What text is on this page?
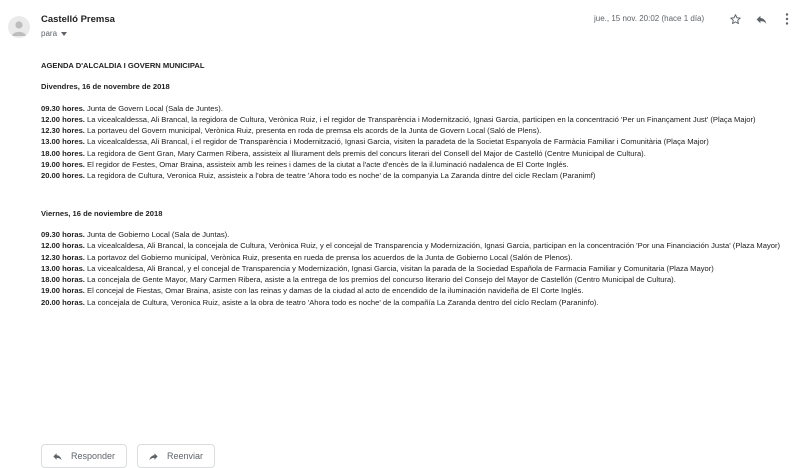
Castelló Premsa
para
jue., 15 nov. 20:02 (hace 1 día)

AGENDA D'ALCALDIA I GOVERN MUNICIPAL

Divendres, 16 de novembre de 2018

09.30 hores. Junta de Govern Local (Sala de Juntes).

12.00 hores. La vicealcaldessa, Ali Brancal, la regidora de Cultura, Verònica Ruiz, i el regidor de Transparència i Modernització, Ignasi Garcia, participen en la concentració 'Per un Finançament Just' (Plaça Major)

12.30 hores. La portaveu del Govern municipal, Verònica Ruiz, presenta en roda de premsa els acords de la Junta de Govern Local (Saló de Plens).

13.00 hores. La vicealcaldessa, Ali Brancal, i el regidor de Transparència i Modernització, Ignasi Garcia, visiten la paradeta de la Societat Espanyola de Farmàcia Familiar i Comunitària (Plaça Major)

18.00 hores. La regidora de Gent Gran, Mary Carmen Ribera, assisteix al lliurament dels premis del concurs literari del Consell del Major de Castelló (Centre Municipal de Cultura).

19.00 hores. El regidor de Festes, Omar Braina, assisteix amb les reines i dames de la ciutat a l'acte d'encès de la il.luminació nadalenca de El Corte Inglés.

20.00 hores. La regidora de Cultura, Veronica Ruiz, assisteix a l'obra de teatre 'Ahora todo es noche' de la companyia La Zaranda dintre del cicle Reclam (Paranimf)

Viernes, 16 de noviembre de 2018

09.30 horas. Junta de Gobierno Local (Sala de Juntas).

12.00 horas. La vicealcaldesa, Ali Brancal, la concejala de Cultura, Verònica Ruiz, y el concejal de Transparencia y Modernización, Ignasi Garcia, participan en la concentración 'Por una Financiación Justa' (Plaza Mayor)

12.30 horas. La portavoz del Gobierno municipal, Verònica Ruiz, presenta en rueda de prensa los acuerdos de la Junta de Gobierno Local (Salón de Plenos).

13.00 horas. La vicealcaldesa, Ali Brancal, y el concejal de Transparencia y Modernización, Ignasi Garcia, visitan la parada de la Sociedad Española de Farmacia Familiar y Comunitaria (Plaza Mayor)

18.00 horas. La concejala de Gente Mayor, Mary Carmen Ribera, asiste a la entrega de los premios del concurso literario del Consejo del Mayor de Castellón (Centro Municipal de Cultura).

19.00 horas. El concejal de Fiestas, Omar Braina, asiste con las reinas y damas de la ciudad al acto de encendido de la iluminación navideña de El Corte Inglés.

20.00 horas. La concejala de Cultura, Veronica Ruiz, asiste a la obra de teatro 'Ahora todo es noche' de la compañía La Zaranda dentro del ciclo Reclam (Paraninfo).

Responder	Reenviar
